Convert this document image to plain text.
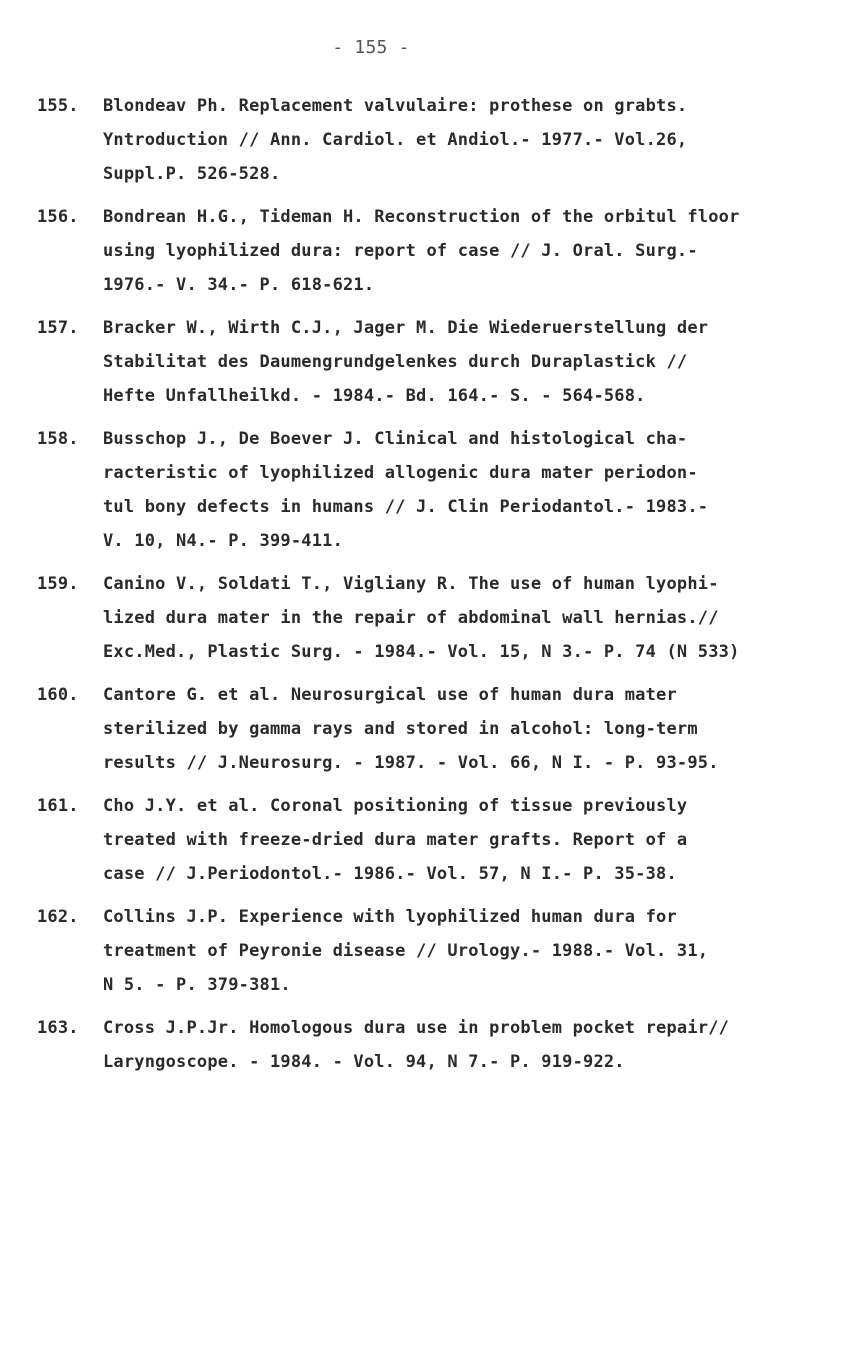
- 155 -
155.	Blondeav Ph. Replacement valvulaire: prothese on grabts.
Yntroduction // Ann. Cardiol. et Andiol.- 1977.- Vol.26,
Suppl.P. 526-528.
156.	Bondrean H.G., Tideman H. Reconstruction of the orbitul floor
using lyophilized dura: report of case // J. Oral. Surg.-
1976.- V. 34.- P. 618-621.
157.	Bracker W., Wirth C.J., Jager M. Die Wiederuerstellung der
Stabilitat des Daumengrundgelenkes durch Duraplastick //
Hefte Unfallheilkd. - 1984.- Bd. 164.- S. - 564-568.
158.	Busschop J., De Boever J. Clinical and histological cha-
racteristic of lyophilized allogenic dura mater periodon-
tul bony defects in humans // J. Clin Periodantol.- 1983.-
V. 10, N4.- P. 399-411.
159.	Canino V., Soldati T., Vigliany R. The use of human lyophi-
lized dura mater in the repair of abdominal wall hernias.//
Exc.Med., Plastic Surg. - 1984.- Vol. 15, N 3.- P. 74 (N 533)
160.	Cantore G. et al. Neurosurgical use of human dura mater
sterilized by gamma rays and stored in alcohol: long-term
results // J.Neurosurg. - 1987. - Vol. 66, N I. - P. 93-95.
161.	Cho J.Y. et al. Coronal positioning of tissue previously
treated with freeze-dried dura mater grafts. Report of a
case // J.Periodontol.- 1986.- Vol. 57, N I.- P. 35-38.
162.	Collins J.P. Experience with lyophilized human dura for
treatment of Peyronie disease // Urology.- 1988.- Vol. 31,
N 5. - P. 379-381.
163.	Cross J.P.Jr. Homologous dura use in problem pocket repair//
Laryngoscope. - 1984. - Vol. 94, N 7.- P. 919-922.
